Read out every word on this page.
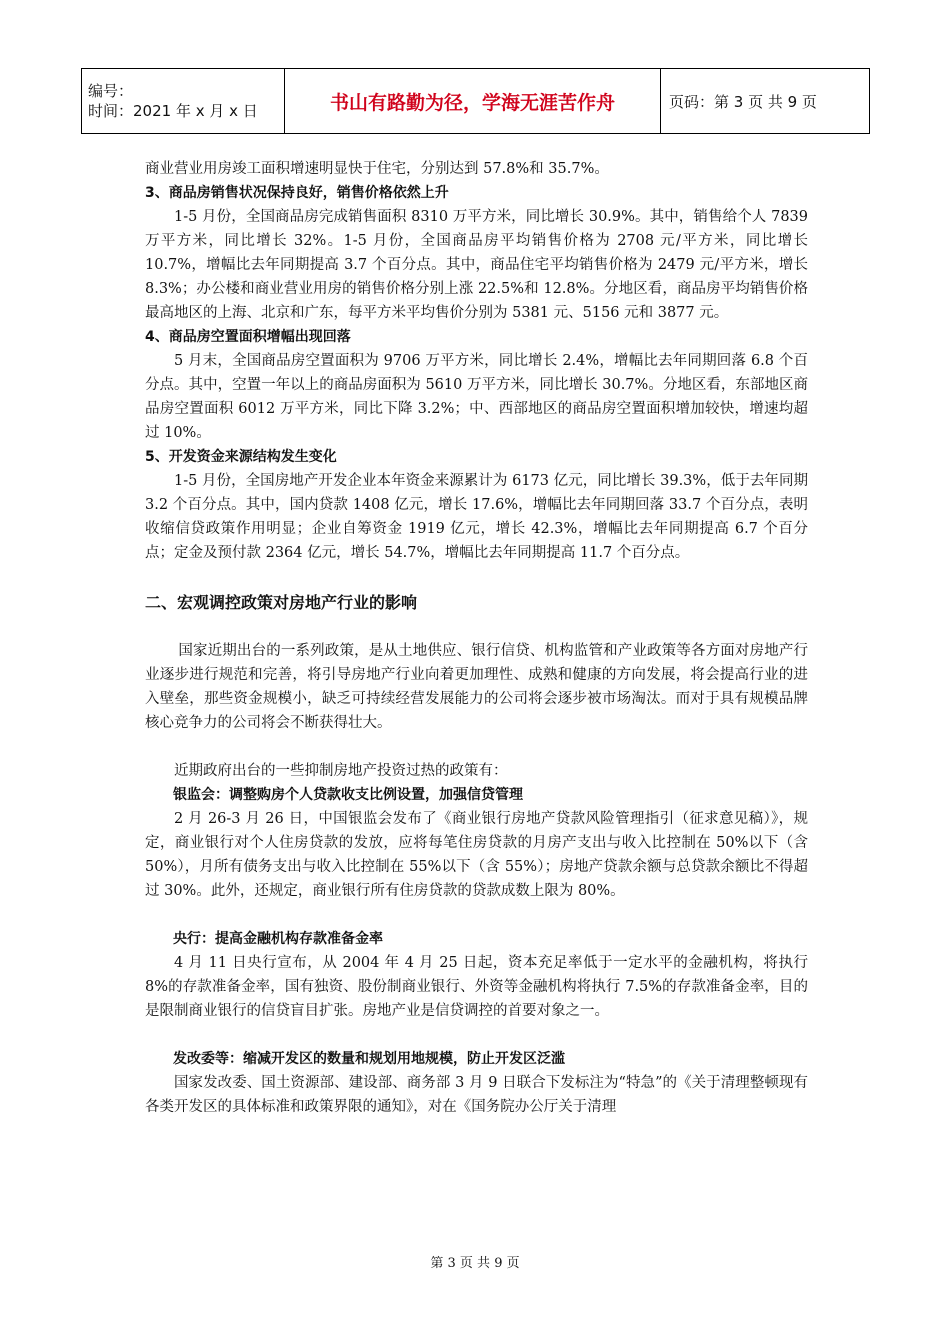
编号：
时间：2021 年 x 月 x 日	书山有路勤为径，学海无涯苦作舟	页码：第 3 页 共 9 页

商业营业用房竣工面积增速明显快于住宅，分别达到 57.8%和 35.7%。

3、商品房销售状况保持良好，销售价格依然上升

1-5 月份，全国商品房完成销售面积 8310 万平方米，同比增长 30.9%。其中，销售给个人 7839 万平方米，同比增长 32%。1-5 月份，全国商品房平均销售价格为 2708 元/平方米，同比增长 10.7%，增幅比去年同期提高 3.7 个百分点。其中，商品住宅平均销售价格为 2479 元/平方米，增长 8.3%；办公楼和商业营业用房的销售价格分别上涨 22.5%和 12.8%。分地区看，商品房平均销售价格最高地区的上海、北京和广东，每平方米平均售价分别为 5381 元、5156 元和 3877 元。

4、商品房空置面积增幅出现回落

5 月末，全国商品房空置面积为 9706 万平方米，同比增长 2.4%，增幅比去年同期回落 6.8 个百分点。其中，空置一年以上的商品房面积为 5610 万平方米，同比增长 30.7%。分地区看，东部地区商品房空置面积 6012 万平方米，同比下降 3.2%；中、西部地区的商品房空置面积增加较快，增速均超过 10%。

5、开发资金来源结构发生变化

1-5 月份，全国房地产开发企业本年资金来源累计为 6173 亿元，同比增长 39.3%，低于去年同期 3.2 个百分点。其中，国内贷款 1408 亿元，增长 17.6%，增幅比去年同期回落 33.7 个百分点，表明收缩信贷政策作用明显；企业自筹资金 1919 亿元，增长 42.3%，增幅比去年同期提高 6.7 个百分点；定金及预付款 2364 亿元，增长 54.7%，增幅比去年同期提高 11.7 个百分点。

二、宏观调控政策对房地产行业的影响

国家近期出台的一系列政策，是从土地供应、银行信贷、机构监管和产业政策等各方面对房地产行业逐步进行规范和完善，将引导房地产行业向着更加理性、成熟和健康的方向发展，将会提高行业的进入壁垒，那些资金规模小，缺乏可持续经营发展能力的公司将会逐步被市场淘汰。而对于具有规模品牌核心竞争力的公司将会不断获得壮大。

近期政府出台的一些抑制房地产投资过热的政策有：

银监会：调整购房个人贷款收支比例设置，加强信贷管理

2 月 26-3 月 26 日，中国银监会发布了《商业银行房地产贷款风险管理指引（征求意见稿）》，规定，商业银行对个人住房贷款的发放，应将每笔住房贷款的月房产支出与收入比控制在 50%以下（含 50%），月所有债务支出与收入比控制在 55%以下（含 55%）；房地产贷款余额与总贷款余额比不得超过 30%。此外，还规定，商业银行所有住房贷款的贷款成数上限为 80%。

央行：提高金融机构存款准备金率

4 月 11 日央行宣布，从 2004 年 4 月 25 日起，资本充足率低于一定水平的金融机构，将执行 8%的存款准备金率，国有独资、股份制商业银行、外资等金融机构将执行 7.5%的存款准备金率，目的是限制商业银行的信贷盲目扩张。房地产业是信贷调控的首要对象之一。

发改委等：缩减开发区的数量和规划用地规模，防止开发区泛滥

国家发改委、国土资源部、建设部、商务部 3 月 9 日联合下发标注为“特急”的《关于清理整顿现有各类开发区的具体标准和政策界限的通知》，对在《国务院办公厅关于清理

第 3 页 共 9 页
